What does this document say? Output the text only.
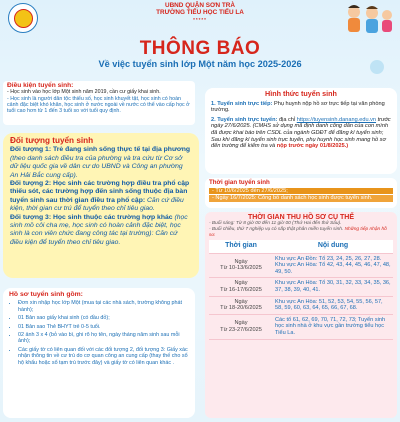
UBND QUẬN SƠN TRÀ
TRƯỜNG TIỂU HỌC TIỂU LA
*****
THÔNG BÁO
Về việc tuyển sinh lớp Một năm học 2025-2026
Điều kiện tuyển sinh:
- Học sinh vào học lớp Một sinh năm 2019, cần cư giấy khai sinh.
- Học sinh là người dân tộc thiểu số, học sinh khuyết tật, học sinh có hoàn cảnh đặc biệt khó khăn, học sinh ở nước ngoài về nước có thể vào cấp học ở tuổi cao hơn từ 1 đến 3 tuổi so với tuổi quy định.
Đối tượng tuyển sinh
Đối tượng 1: Trẻ đang sinh sống thực tế tại địa phương (theo danh sách điều tra của phường và tra cứu từ Cơ sở dữ liệu quốc gia về dân cư do UBND và Công an phường An Hải Bắc cung cấp).
Đối tượng 2: Học sinh các trường hợp điều tra phổ cập thiếu sót, các trường hợp đến sinh sống thuộc địa bàn tuyển sinh sau thời gian điều tra phổ cập: Căn cứ điều kiện, thời gian cư trú để tuyển theo chỉ tiêu giao.
Đối tượng 3: Học sinh thuộc các trường hợp khác (học sinh mồ côi cha mẹ, học sinh có hoàn cảnh đặc biệt, học sinh là con viên chức đang công tác tại trường): Căn cứ điều kiện để tuyển theo chỉ tiêu giao.
Hồ sơ tuyển sinh gồm:
• Đơn xin nhập học lớp Một (mua tại các nhà sách, trường không phát hành);
• 01 Bản sao giấy khai sinh (có đầu đỏ);
• 01 Bản sao Thẻ BHYT trẻ 0-5 tuổi.
• 02 ảnh 3 x 4 (bỏ vào bì, ghi rõ họ tên, ngày tháng năm sinh sau mỗi ảnh);
• Các giấy tờ có liên quan đối với các đối tượng 2, đối tượng 3: Giấy xác nhận thông tin về cư trú do cơ quan công an cung cấp (thay thế cho sổ hộ khẩu hoặc sổ tạm trú trước đây) và giấy tờ có liên quan khác .
Hình thức tuyển sinh
1. Tuyển sinh trực tiếp: Phụ huynh nộp hồ sơ trực tiếp tại văn phòng trường.
2. Tuyển sinh trực tuyến: địa chỉ https://tuyensinh.danang.edu.vn trước ngày 27/6/2025. (CMHS sử dụng mã định danh công dân của con mình đã được khai báo trên CSDL của ngành GDĐT để đăng kí tuyển sinh; Sau khi đăng kí tuyển sinh trực tuyến, phụ huynh học sinh mang hồ sơ đến trường để kiểm tra và nộp trước ngày 01/8/2025.)
Thời gian tuyển sinh
- Từ 10/6/2025 đến 27/6/2025;
- Ngày 16/7/2025: Công bố danh sách học sinh được tuyển sinh.
THỜI GIAN THU HỒ SƠ CỤ THỂ
- Buổi sáng: Từ 8 giờ 00 đến 11 giờ 00 (Thứ Hai đến thứ Sáu).
- Buổi chiều, thứ 7 nghiệp vụ có sắp thật phân miền tuyển sinh. Những tiếp nhận hồ sơ.
Thời gian	Nội dung

Ngày
Từ 10-13/6/2025	Khu vực An Đồn: Tổ 23, 24, 25, 26, 27, 28. Khu vực An Hòa: Tổ 42, 43, 44, 45, 46, 47, 48, 49, 50.

Ngày
Từ 16-17/6/2025	Khu vực An Hòa: Tổ 30, 31, 32, 33, 34, 35, 36, 37, 38, 39, 40, 41.

Ngày
Từ 18-20/6/2025	Khu vực An Hòa: 51, 52, 53, 54, 55, 56, 57, 58, 59, 60, 63, 64, 65, 66, 67, 68.

Ngày
Từ 23-27/6/2025	Các tổ 61, 62, 69, 70, 71, 72, 73; Tuyển sinh học sinh nhà ở khu vực gần trường tiểu học Tiểu La.
